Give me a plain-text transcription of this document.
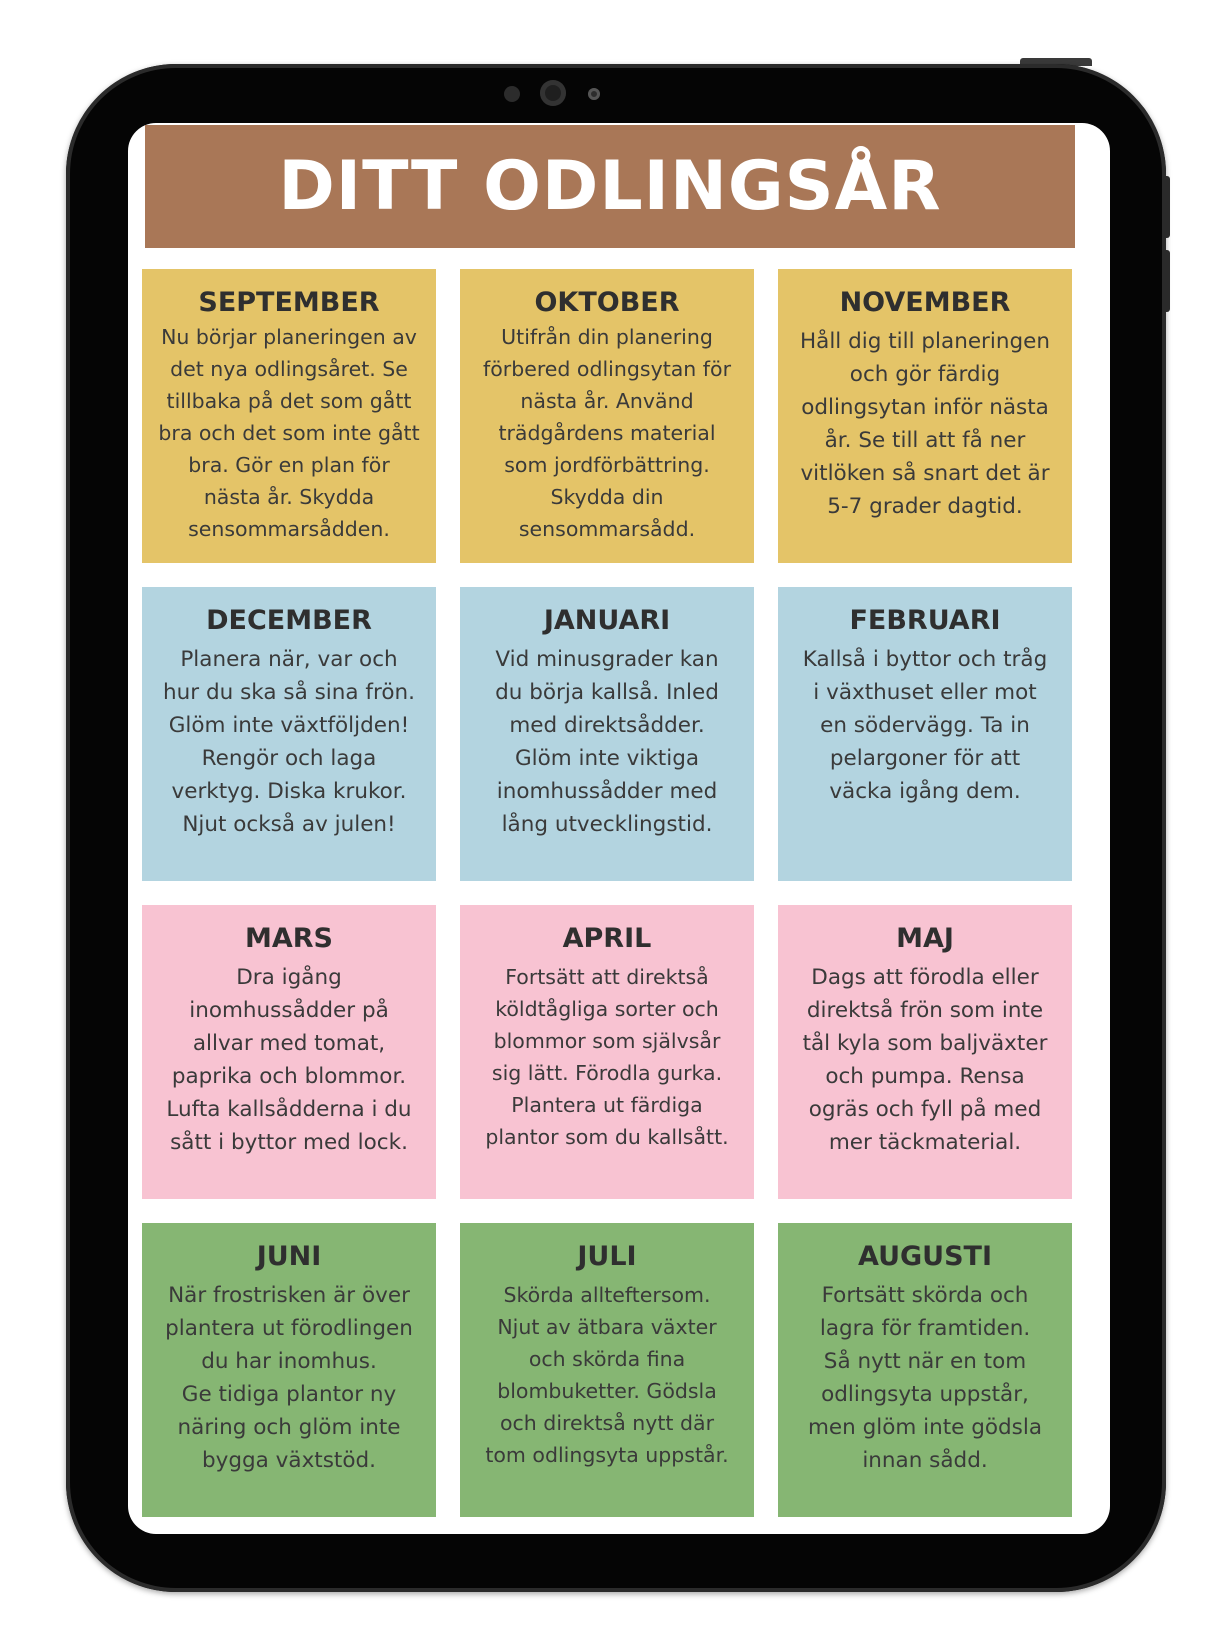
DITT ODLINGSÅR
SEPTEMBER
Nu börjar planeringen av
det nya odlingsåret. Se
tillbaka på det som gått
bra och det som inte gått
bra. Gör en plan för
nästa år. Skydda
sensommarsådden.
OKTOBER
Utifrån din planering
förbered odlingsytan för
nästa år. Använd
trädgårdens material
som jordförbättring.
Skydda din
sensommarsådd.
NOVEMBER
Håll dig till planeringen
och gör färdig
odlingsytan inför nästa
år. Se till att få ner
vitlöken så snart det är
5-7 grader dagtid.
DECEMBER
Planera när, var och
hur du ska så sina frön.
Glöm inte växtföljden!
Rengör och laga
verktyg. Diska krukor.
Njut också av julen!
JANUARI
Vid minusgrader kan
du börja kallså. Inled
med direktsådder.
Glöm inte viktiga
inomhussådder med
lång utvecklingstid.
FEBRUARI
Kallså i byttor och tråg
i växthuset eller mot
en södervägg. Ta in
pelargoner för att
väcka igång dem.
MARS
Dra igång
inomhussådder på
allvar med tomat,
paprika och blommor.
Lufta kallsådderna i du
sått i byttor med lock.
APRIL
Fortsätt att direktså
köldtågliga sorter och
blommor som självsår
sig lätt. Förodla gurka.
Plantera ut färdiga
plantor som du kallsått.
MAJ
Dags att förodla eller
direktså frön som inte
tål kyla som baljväxter
och pumpa. Rensa
ogräs och fyll på med
mer täckmaterial.
JUNI
När frostrisken är över
plantera ut förodlingen
du har inomhus.
Ge tidiga plantor ny
näring och glöm inte
bygga växtstöd.
JULI
Skörda allteftersom.
Njut av ätbara växter
och skörda fina
blombuketter. Gödsla
och direktså nytt där
tom odlingsyta uppstår.
AUGUSTI
Fortsätt skörda och
lagra för framtiden.
Så nytt när en tom
odlingsyta uppstår,
men glöm inte gödsla
innan sådd.
